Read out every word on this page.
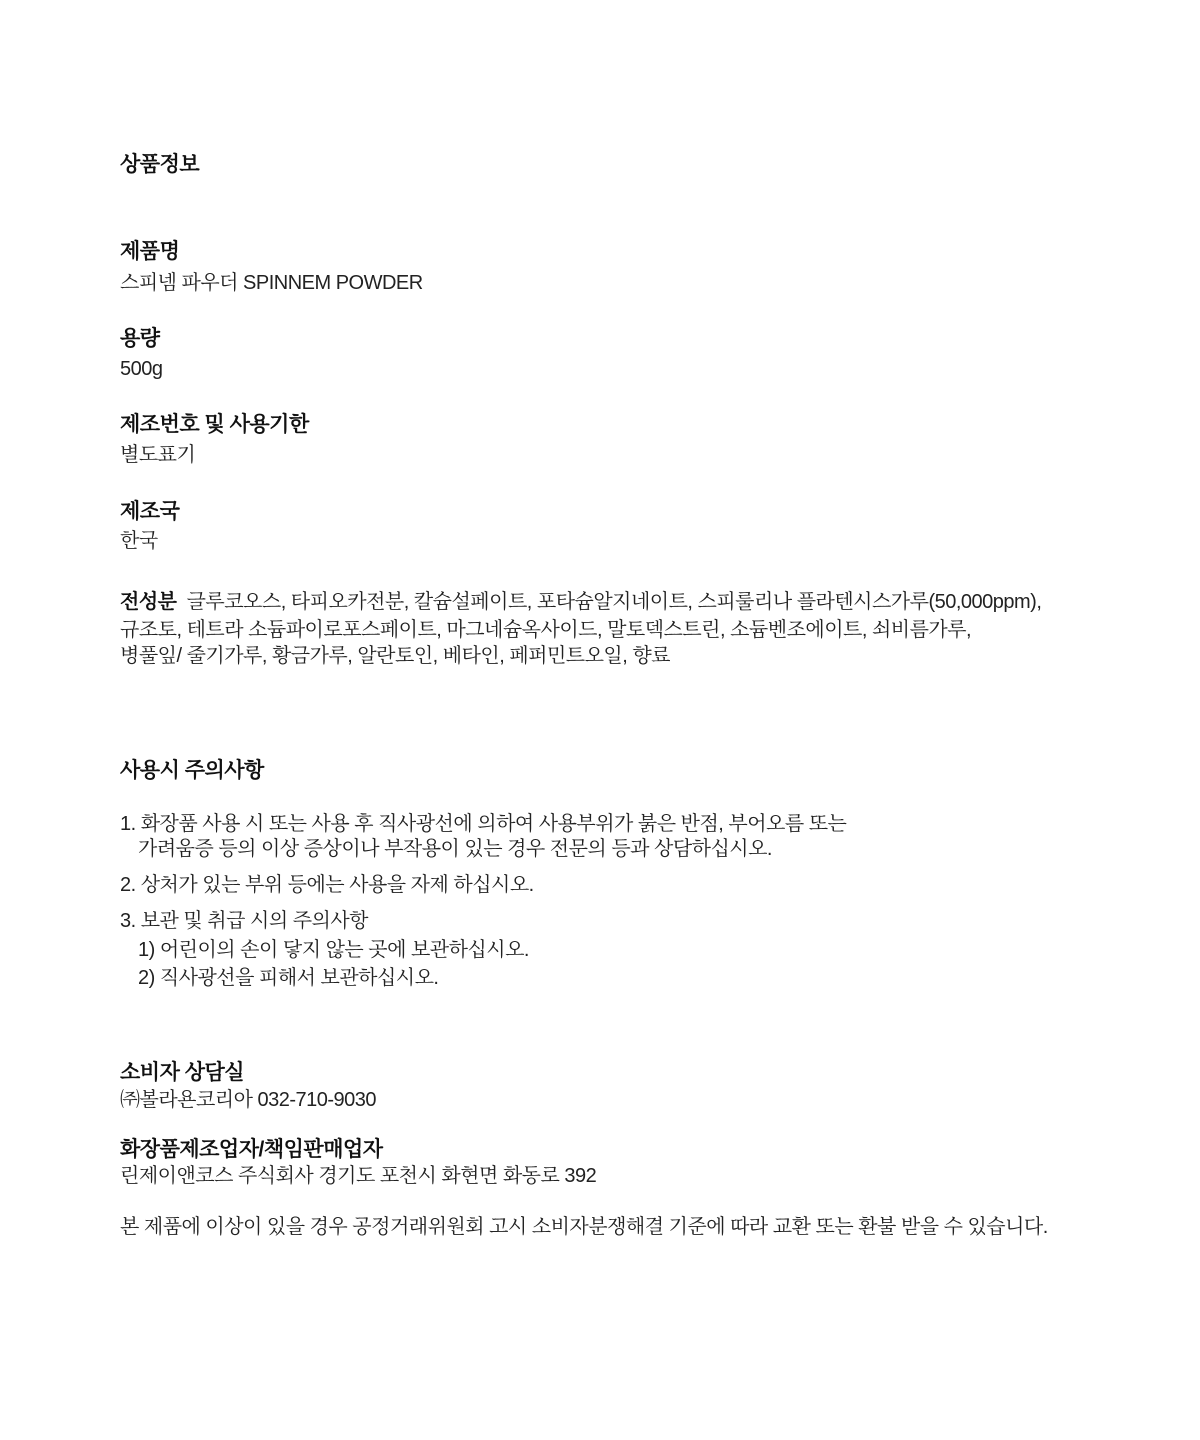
상품정보
제품명
스피넴 파우더 SPINNEM POWDER
용량
500g
제조번호 및 사용기한
별도표기
제조국
한국
전성분 글루코오스, 타피오카전분, 칼슘설페이트, 포타슘알지네이트, 스피룰리나 플라텐시스가루(50,000ppm),
규조토, 테트라 소듐파이로포스페이트, 마그네슘옥사이드, 말토덱스트린, 소듐벤조에이트, 쇠비름가루,
병풀잎/ 줄기가루, 황금가루, 알란토인, 베타인, 페퍼민트오일, 향료
사용시 주의사항
1. 화장품 사용 시 또는 사용 후 직사광선에 의하여 사용부위가 붉은 반점, 부어오름 또는
가려움증 등의 이상 증상이나 부작용이 있는 경우 전문의 등과 상담하십시오.
2. 상처가 있는 부위 등에는 사용을 자제 하십시오.
3. 보관 및 취급 시의 주의사항
1) 어린이의 손이 닿지 않는 곳에 보관하십시오.
2) 직사광선을 피해서 보관하십시오.
소비자 상담실
㈜볼라욘코리아 032-710-9030
화장품제조업자/책임판매업자
린제이앤코스 주식회사 경기도 포천시 화현면 화동로 392
본 제품에 이상이 있을 경우 공정거래위원회 고시 소비자분쟁해결 기준에 따라 교환 또는 환불 받을 수 있습니다.
